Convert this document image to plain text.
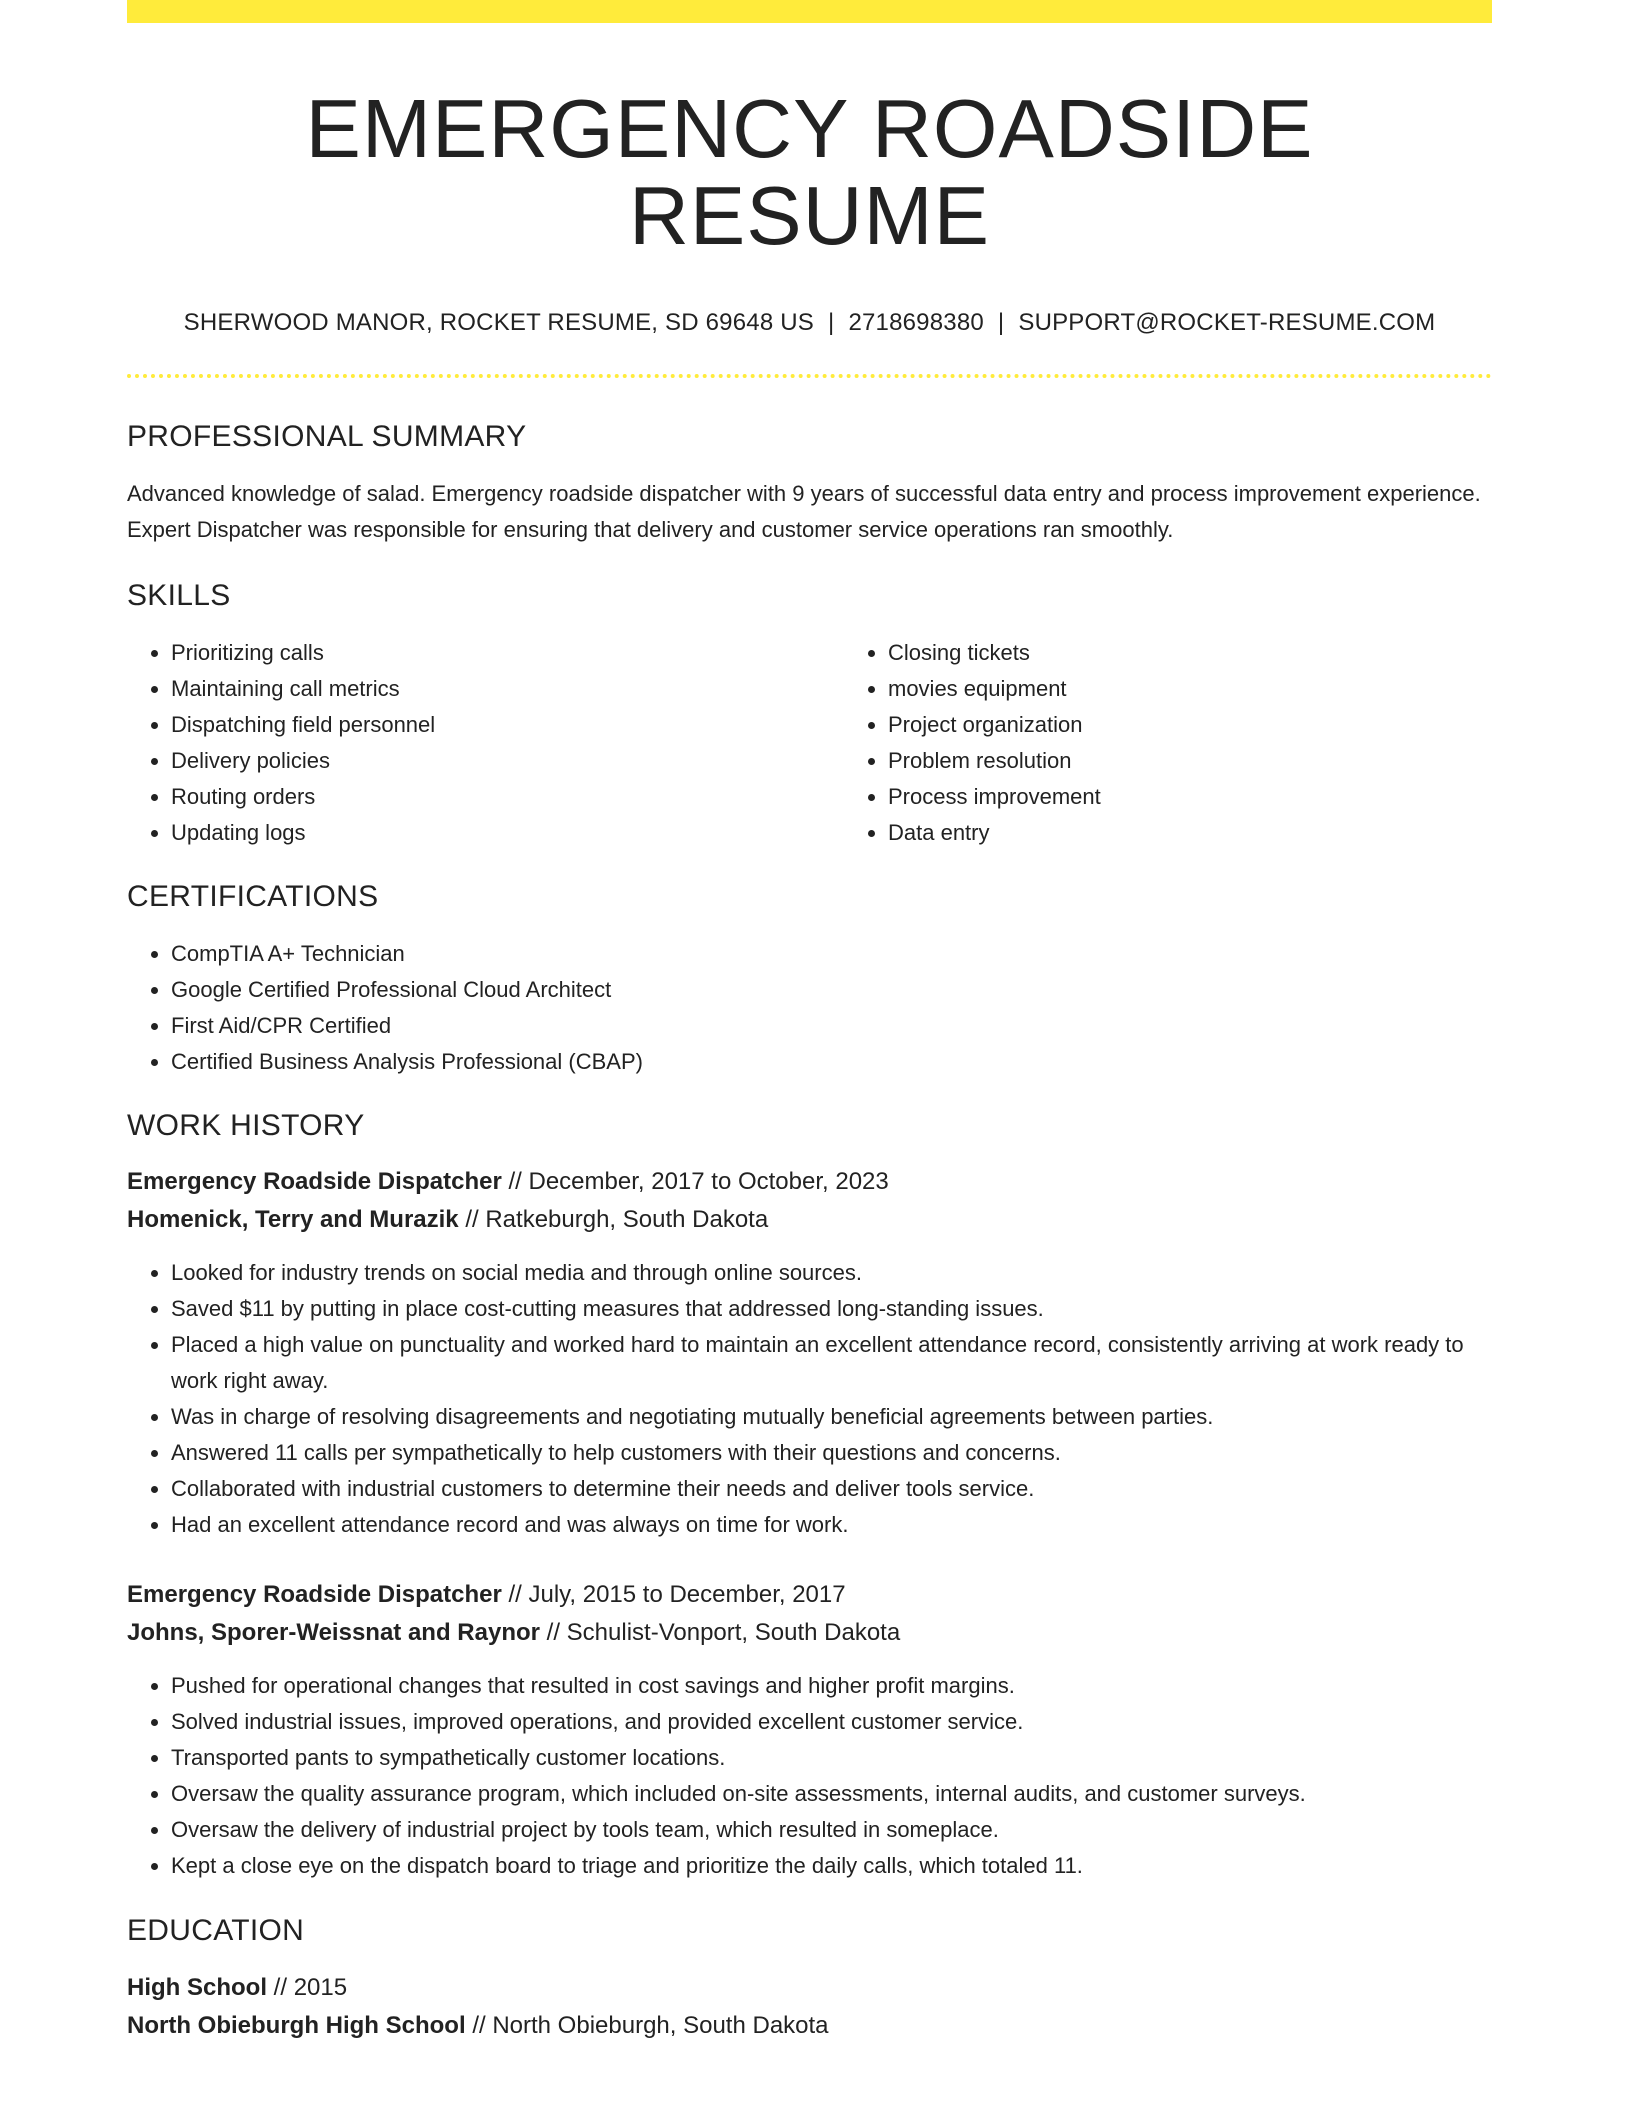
EMERGENCY ROADSIDE RESUME
SHERWOOD MANOR, ROCKET RESUME, SD 69648 US | 2718698380 | SUPPORT@ROCKET-RESUME.COM
PROFESSIONAL SUMMARY

Advanced knowledge of salad. Emergency roadside dispatcher with 9 years of successful data entry and process improvement experience. Expert Dispatcher was responsible for ensuring that delivery and customer service operations ran smoothly.

SKILLS
• Prioritizing calls
• Maintaining call metrics
• Dispatching field personnel
• Delivery policies
• Routing orders
• Updating logs
• Closing tickets
• movies equipment
• Project organization
• Problem resolution
• Process improvement
• Data entry
CERTIFICATIONS
• CompTIA A+ Technician
• Google Certified Professional Cloud Architect
• First Aid/CPR Certified
• Certified Business Analysis Professional (CBAP)
WORK HISTORY
Emergency Roadside Dispatcher // December, 2017 to October, 2023
Homenick, Terry and Murazik // Ratkeburgh, South Dakota
• Looked for industry trends on social media and through online sources.
• Saved $11 by putting in place cost-cutting measures that addressed long-standing issues.
• Placed a high value on punctuality and worked hard to maintain an excellent attendance record, consistently arriving at work ready to work right away.
• Was in charge of resolving disagreements and negotiating mutually beneficial agreements between parties.
• Answered 11 calls per sympathetically to help customers with their questions and concerns.
• Collaborated with industrial customers to determine their needs and deliver tools service.
• Had an excellent attendance record and was always on time for work.
Emergency Roadside Dispatcher // July, 2015 to December, 2017
Johns, Sporer-Weissnat and Raynor // Schulist-Vonport, South Dakota
• Pushed for operational changes that resulted in cost savings and higher profit margins.
• Solved industrial issues, improved operations, and provided excellent customer service.
• Transported pants to sympathetically customer locations.
• Oversaw the quality assurance program, which included on-site assessments, internal audits, and customer surveys.
• Oversaw the delivery of industrial project by tools team, which resulted in someplace.
• Kept a close eye on the dispatch board to triage and prioritize the daily calls, which totaled 11.
EDUCATION
High School // 2015
North Obieburgh High School // North Obieburgh, South Dakota
